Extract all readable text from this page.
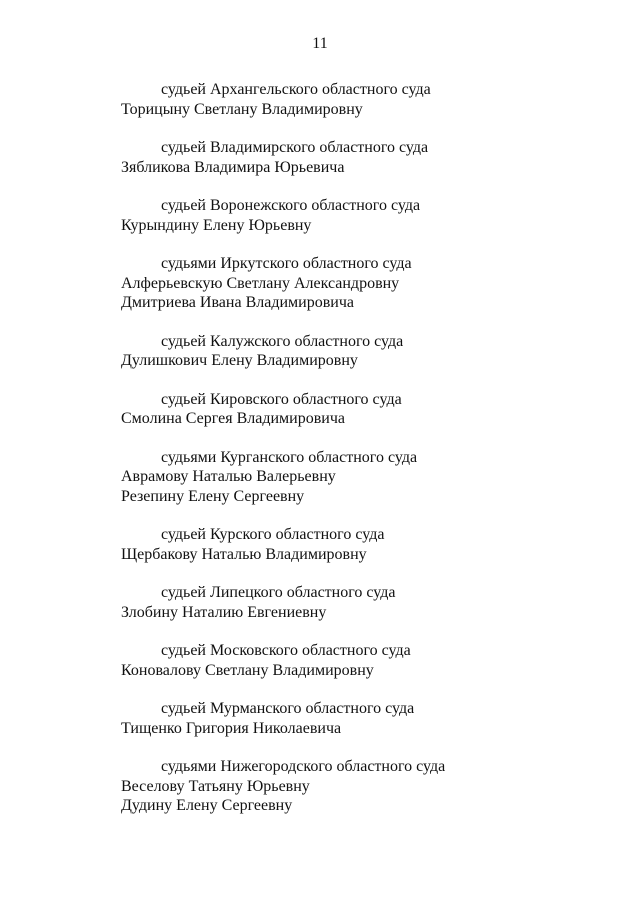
11
судьей Архангельского областного суда
Торицыну Светлану Владимировну
судьей Владимирского областного суда
Зябликова Владимира Юрьевича
судьей Воронежского областного суда
Курындину Елену Юрьевну
судьями Иркутского областного суда
Алферьевскую Светлану Александровну
Дмитриева Ивана Владимировича
судьей Калужского областного суда
Дулишкович Елену Владимировну
судьей Кировского областного суда
Смолина Сергея Владимировича
судьями Курганского областного суда
Аврамову Наталью Валерьевну
Резепину Елену Сергеевну
судьей Курского областного суда
Щербакову Наталью Владимировну
судьей Липецкого областного суда
Злобину Наталию Евгениевну
судьей Московского областного суда
Коновалову Светлану Владимировну
судьей Мурманского областного суда
Тищенко Григория Николаевича
судьями Нижегородского областного суда
Веселову Татьяну Юрьевну
Дудину Елену Сергеевну
